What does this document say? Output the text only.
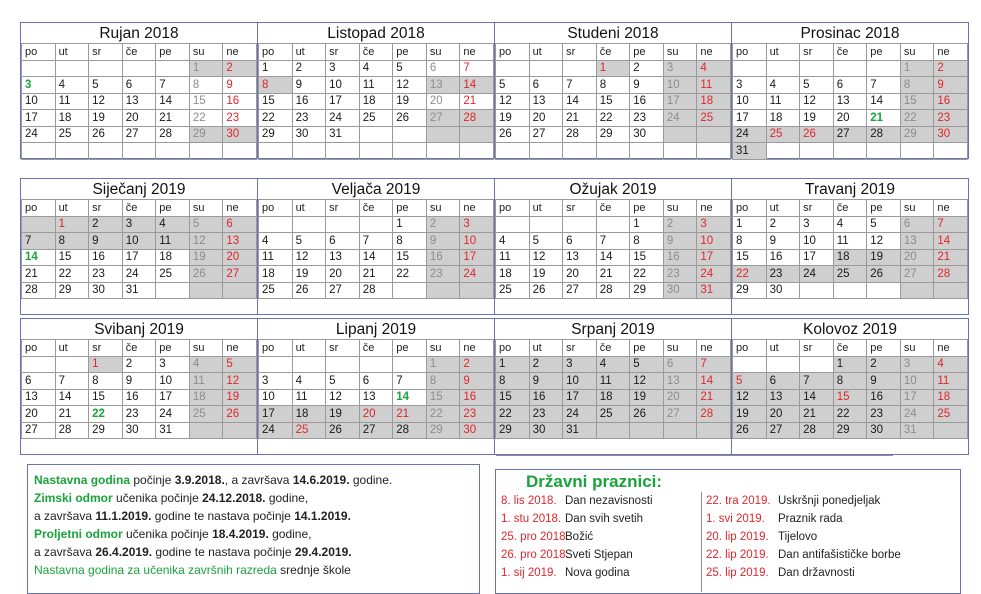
Rujan 2018
po	ut	sr	če	pe	su	ne
					1	2
3	4	5	6	7	8	9
10	11	12	13	14	15	16
17	18	19	20	21	22	23
24	25	26	27	28	29	30

Listopad 2018
po	ut	sr	če	pe	su	ne
1	2	3	4	5	6	7
8	9	10	11	12	13	14
15	16	17	18	19	20	21
22	23	24	25	26	27	28
29	30	31				

Studeni 2018
po	ut	sr	če	pe	su	ne
			1	2	3	4
5	6	7	8	9	10	11
12	13	14	15	16	17	18
19	20	21	22	23	24	25
26	27	28	29	30		

Prosinac 2018
po	ut	sr	če	pe	su	ne
					1	2
3	4	5	6	7	8	9
10	11	12	13	14	15	16
17	18	19	20	21	22	23
24	25	26	27	28	29	30
31						
Siječanj 2019
po	ut	sr	če	pe	su	ne
	1	2	3	4	5	6
7	8	9	10	11	12	13
14	15	16	17	18	19	20
21	22	23	24	25	26	27
28	29	30	31			
Veljača 2019
po	ut	sr	če	pe	su	ne
				1	2	3
4	5	6	7	8	9	10
11	12	13	14	15	16	17
18	19	20	21	22	23	24
25	26	27	28			
Ožujak 2019
po	ut	sr	če	pe	su	ne
				1	2	3
4	5	6	7	8	9	10
11	12	13	14	15	16	17
18	19	20	21	22	23	24
25	26	27	28	29	30	31
Travanj 2019
po	ut	sr	če	pe	su	ne
1	2	3	4	5	6	7
8	9	10	11	12	13	14
15	16	17	18	19	20	21
22	23	24	25	26	27	28
29	30					
Svibanj 2019
po	ut	sr	če	pe	su	ne
		1	2	3	4	5
6	7	8	9	10	11	12
13	14	15	16	17	18	19
20	21	22	23	24	25	26
27	28	29	30	31		
Lipanj 2019
po	ut	sr	če	pe	su	ne
					1	2
3	4	5	6	7	8	9
10	11	12	13	14	15	16
17	18	19	20	21	22	23
24	25	26	27	28	29	30
Srpanj 2019
po	ut	sr	če	pe	su	ne
1	2	3	4	5	6	7
8	9	10	11	12	13	14
15	16	17	18	19	20	21
22	23	24	25	26	27	28
29	30	31				
Kolovoz 2019
po	ut	sr	če	pe	su	ne
			1	2	3	4
5	6	7	8	9	10	11
12	13	14	15	16	17	18
19	20	21	22	23	24	25
26	27	28	29	30	31	

Nastavna godina počinje 3.9.2018., a završava 14.6.2019. godine.

Zimski odmor učenika počinje 24.12.2018. godine,

a završava 11.1.2019. godine te nastava počinje 14.1.2019.

Proljetni odmor učenika počinje 18.4.2019. godine,

a završava 26.4.2019. godine te nastava počinje 29.4.2019.

Nastavna godina za učenika završnih razreda srednje škole

Državni praznici:
8. lis 2018. Dan nezavisnosti
1. stu 2018. Dan svih svetih
25. pro 2018.Božić
26. pro 2018.Sveti Stjepan
1. sij 2019. Nova godina
22. tra 2019. Uskršnji ponedjeljak
1. svi 2019. Praznik rada
20. lip 2019. Tijelovo
22. lip 2019. Dan antifašističke borbe
25. lip 2019. Dan državnosti
